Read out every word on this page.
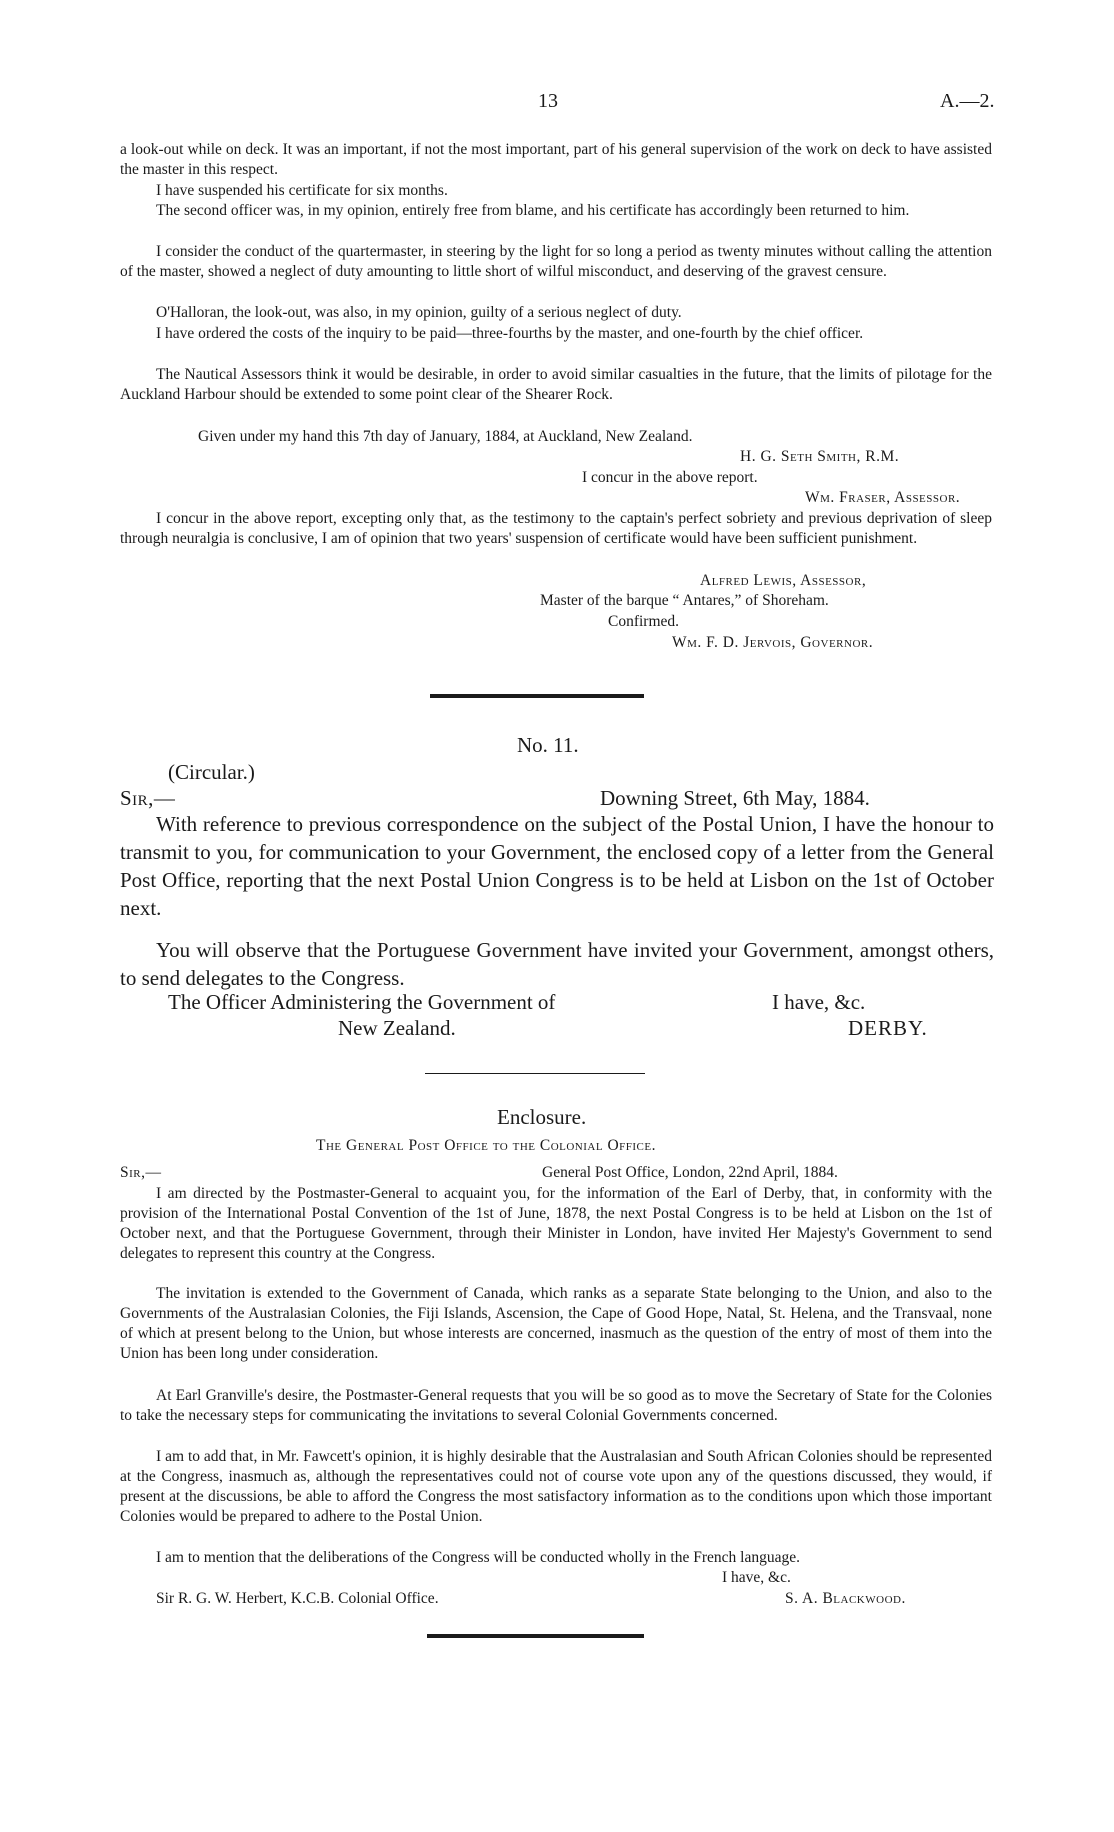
13	A.—2.
a look-out while on deck. It was an important, if not the most important, part of his general supervision of the work on deck to have assisted the master in this respect.
I have suspended his certificate for six months.
The second officer was, in my opinion, entirely free from blame, and his certificate has accordingly been returned to him.
I consider the conduct of the quartermaster, in steering by the light for so long a period as twenty minutes without calling the attention of the master, showed a neglect of duty amounting to little short of wilful misconduct, and deserving of the gravest censure.
O'Halloran, the look-out, was also, in my opinion, guilty of a serious neglect of duty.
I have ordered the costs of the inquiry to be paid—three-fourths by the master, and one-fourth by the chief officer.
The Nautical Assessors think it would be desirable, in order to avoid similar casualties in the future, that the limits of pilotage for the Auckland Harbour should be extended to some point clear of the Shearer Rock.
Given under my hand this 7th day of January, 1884, at Auckland, New Zealand.
H. G. Seth Smith, R.M.
I concur in the above report.
Wm. Fraser, Assessor.
I concur in the above report, excepting only that, as the testimony to the captain's perfect sobriety and previous deprivation of sleep through neuralgia is conclusive, I am of opinion that two years' suspension of certificate would have been sufficient punishment.
Alfred Lewis, Assessor,
Master of the barque “ Antares,” of Shoreham.
Confirmed.
Wm. F. D. Jervois, Governor.
No. 11.
(Circular.)
Sir,—	Downing Street, 6th May, 1884.
With reference to previous correspondence on the subject of the Postal Union, I have the honour to transmit to you, for communication to your Government, the enclosed copy of a letter from the General Post Office, reporting that the next Postal Union Congress is to be held at Lisbon on the 1st of October next.
You will observe that the Portuguese Government have invited your Government, amongst others, to send delegates to the Congress.
The Officer Administering the Government of
New Zealand.
I have, &c.
DERBY.
Enclosure.
The General Post Office to the Colonial Office.
Sir,—	General Post Office, London, 22nd April, 1884.
I am directed by the Postmaster-General to acquaint you, for the information of the Earl of Derby, that, in conformity with the provision of the International Postal Convention of the 1st of June, 1878, the next Postal Congress is to be held at Lisbon on the 1st of October next, and that the Portuguese Government, through their Minister in London, have invited Her Majesty's Government to send delegates to represent this country at the Congress.
The invitation is extended to the Government of Canada, which ranks as a separate State belonging to the Union, and also to the Governments of the Australasian Colonies, the Fiji Islands, Ascension, the Cape of Good Hope, Natal, St. Helena, and the Transvaal, none of which at present belong to the Union, but whose interests are concerned, inasmuch as the question of the entry of most of them into the Union has been long under consideration.
At Earl Granville's desire, the Postmaster-General requests that you will be so good as to move the Secretary of State for the Colonies to take the necessary steps for communicating the invitations to several Colonial Governments concerned.
I am to add that, in Mr. Fawcett's opinion, it is highly desirable that the Australasian and South African Colonies should be represented at the Congress, inasmuch as, although the representatives could not of course vote upon any of the questions discussed, they would, if present at the discussions, be able to afford the Congress the most satisfactory information as to the conditions upon which those important Colonies would be prepared to adhere to the Postal Union.
I am to mention that the deliberations of the Congress will be conducted wholly in the French language.
I have, &c.
Sir R. G. W. Herbert, K.C.B. Colonial Office.	S. A. Blackwood.
